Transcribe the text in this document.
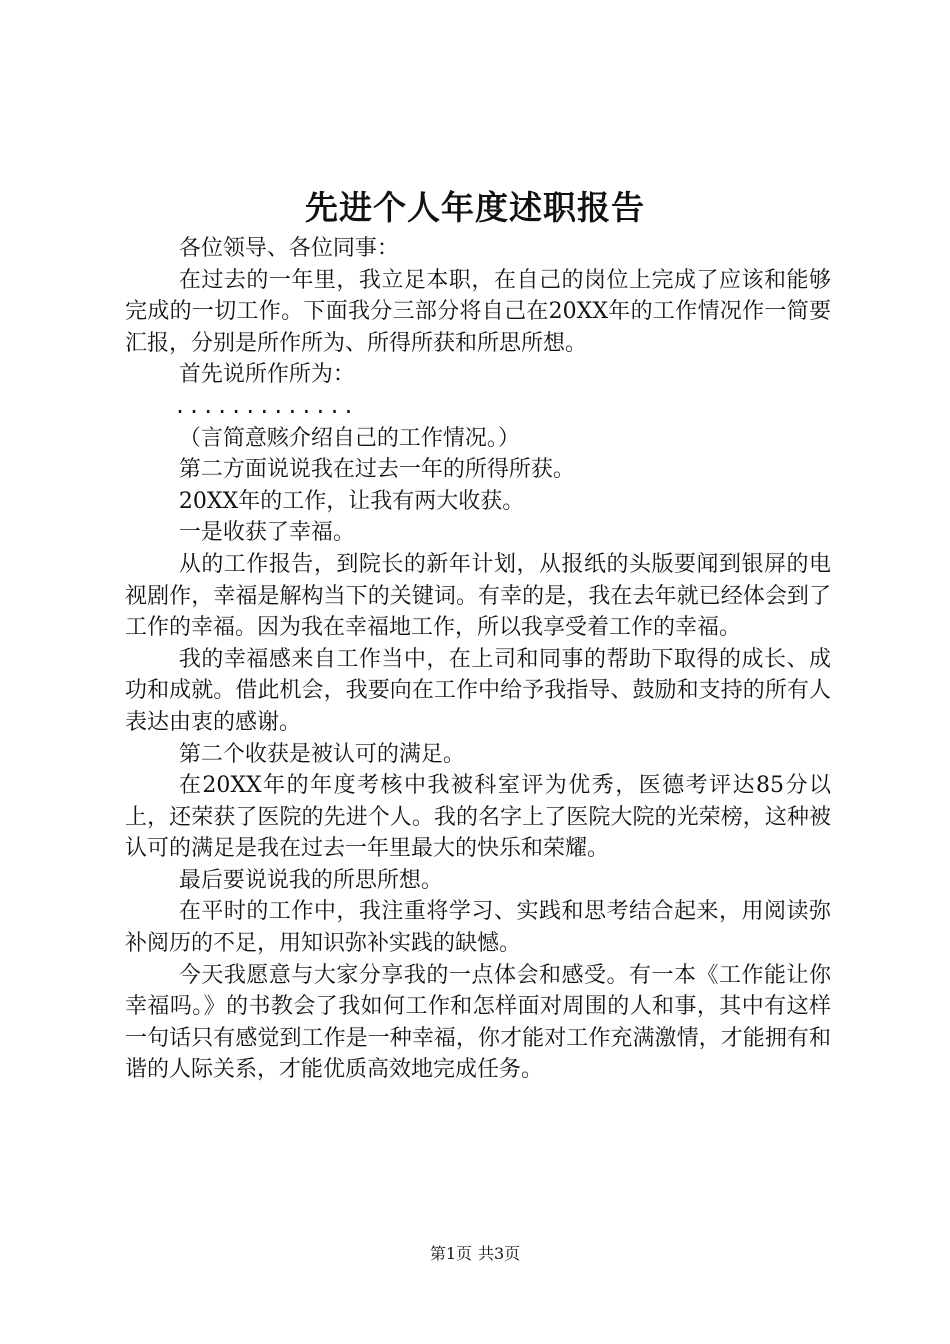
先进个人年度述职报告

各位领导、各位同事：

在过去的一年里，我立足本职，在自己的岗位上完成了应该和能够完成的一切工作。下面我分三部分将自己在20XX年的工作情况作一简要汇报，分别是所作所为、所得所获和所思所想。

首先说所作所为：

.............

（言简意赅介绍自己的工作情况。）

第二方面说说我在过去一年的所得所获。

20XX年的工作，让我有两大收获。

一是收获了幸福。

从的工作报告，到院长的新年计划，从报纸的头版要闻到银屏的电视剧作，幸福是解构当下的关键词。有幸的是，我在去年就已经体会到了工作的幸福。因为我在幸福地工作，所以我享受着工作的幸福。

我的幸福感来自工作当中，在上司和同事的帮助下取得的成长、成功和成就。借此机会，我要向在工作中给予我指导、鼓励和支持的所有人表达由衷的感谢。

第二个收获是被认可的满足。

在20XX年的年度考核中我被科室评为优秀，医德考评达85分以上，还荣获了医院的先进个人。我的名字上了医院大院的光荣榜，这种被认可的满足是我在过去一年里最大的快乐和荣耀。

最后要说说我的所思所想。

在平时的工作中，我注重将学习、实践和思考结合起来，用阅读弥补阅历的不足，用知识弥补实践的缺憾。

今天我愿意与大家分享我的一点体会和感受。有一本《工作能让你幸福吗。》的书教会了我如何工作和怎样面对周围的人和事，其中有这样一句话只有感觉到工作是一种幸福，你才能对工作充满激情，才能拥有和谐的人际关系，才能优质高效地完成任务。

第1页 共3页
